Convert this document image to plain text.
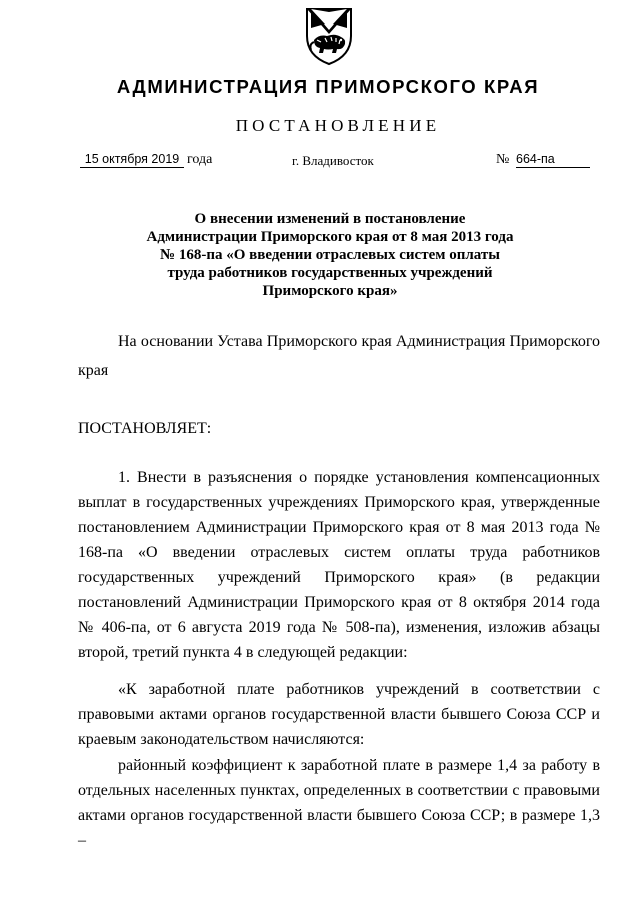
АДМИНИСТРАЦИЯ ПРИМОРСКОГО КРАЯ
ПОСТАНОВЛЕНИЕ
15 октября 2019 года	г. Владивосток	№ 664-па
О внесении изменений в постановление Администрации Приморского края от 8 мая 2013 года № 168-па «О введении отраслевых систем оплаты труда работников государственных учреждений Приморского края»
На основании Устава Приморского края Администрация Приморского края
ПОСТАНОВЛЯЕТ:
1. Внести в разъяснения о порядке установления компенсационных выплат в государственных учреждениях Приморского края, утвержденные постановлением Администрации Приморского края от 8 мая 2013 года № 168-па «О введении отраслевых систем оплаты труда работников государственных учреждений Приморского края» (в редакции постановлений Администрации Приморского края от 8 октября 2014 года № 406-па, от 6 августа 2019 года № 508-па), изменения, изложив абзацы второй, третий пункта 4 в следующей редакции:
«К заработной плате работников учреждений в соответствии с правовыми актами органов государственной власти бывшего Союза ССР и краевым законодательством начисляются:
районный коэффициент к заработной плате в размере 1,4 за работу в отдельных населенных пунктах, определенных в соответствии с правовыми актами органов государственной власти бывшего Союза ССР; в размере 1,3 –
